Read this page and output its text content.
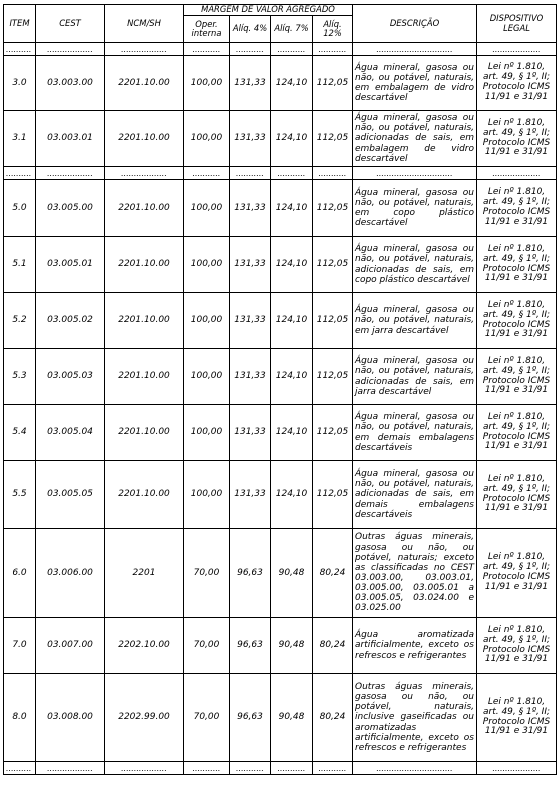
ITEM	CEST	NCM/SH	MARGEM DE VALOR AGREGADO				DESCRIÇÃO	DISPOSITIVO LEGAL
			Oper. interna	Alíq. 4%	Alíq. 7%	Alíq. 12%		
..........	..................	..................	...........	...........	...........	...........	..............................	...................
3.0	03.003.00	2201.10.00	100,00	131,33	124,10	112,05	Água mineral, gasosa ou não, ou potável, naturais, em embalagem de vidro descartável	Lei nº 1.810, art. 49, § 1º, II; Protocolo ICMS 11/91 e 31/91
3.1	03.003.01	2201.10.00	100,00	131,33	124,10	112,05	Água mineral, gasosa ou não, ou potável, naturais, adicionadas de sais, em embalagem de vidro descartável	Lei nº 1.810, art. 49, § 1º, II; Protocolo ICMS 11/91 e 31/91
..........	..................	..................	...........	...........	...........	...........	..............................	...................
5.0	03.005.00	2201.10.00	100,00	131,33	124,10	112,05	Água mineral, gasosa ou não, ou potável, naturais, em copo plástico descartável	Lei nº 1.810, art. 49, § 1º, II; Protocolo ICMS 11/91 e 31/91
5.1	03.005.01	2201.10.00	100,00	131,33	124,10	112,05	Água mineral, gasosa ou não, ou potável, naturais, adicionadas de sais, em copo plástico descartável	Lei nº 1.810, art. 49, § 1º, II; Protocolo ICMS 11/91 e 31/91
5.2	03.005.02	2201.10.00	100,00	131,33	124,10	112,05	Água mineral, gasosa ou não, ou potável, naturais, em jarra descartável	Lei nº 1.810, art. 49, § 1º, II; Protocolo ICMS 11/91 e 31/91
5.3	03.005.03	2201.10.00	100,00	131,33	124,10	112,05	Água mineral, gasosa ou não, ou potável, naturais, adicionadas de sais, em jarra descartável	Lei nº 1.810, art. 49, § 1º, II; Protocolo ICMS 11/91 e 31/91
5.4	03.005.04	2201.10.00	100,00	131,33	124,10	112,05	Água mineral, gasosa ou não, ou potável, naturais, em demais embalagens descartáveis	Lei nº 1.810, art. 49, § 1º, II; Protocolo ICMS 11/91 e 31/91
5.5	03.005.05	2201.10.00	100,00	131,33	124,10	112,05	Água mineral, gasosa ou não, ou potável, naturais, adicionadas de sais, em demais embalagens descartáveis	Lei nº 1.810, art. 49, § 1º, II; Protocolo ICMS 11/91 e 31/91
6.0	03.006.00	2201	70,00	96,63	90,48	80,24	Outras águas minerais, gasosa ou não, ou potável, naturais; exceto as classificadas no CEST 03.003.00, 03.003.01, 03.005.00, 03.005.01 a 03.005.05, 03.024.00 e 03.025.00	Lei nº 1.810, art. 49, § 1º, II; Protocolo ICMS 11/91 e 31/91
7.0	03.007.00	2202.10.00	70,00	96,63	90,48	80,24	Água aromatizada artificialmente, exceto os refrescos e refrigerantes	Lei nº 1.810, art. 49, § 1º, II; Protocolo ICMS 11/91 e 31/91
8.0	03.008.00	2202.99.00	70,00	96,63	90,48	80,24	Outras águas minerais, gasosa ou não, ou potável, naturais, inclusive gaseificadas ou aromatizadas artificialmente, exceto os refrescos e refrigerantes	Lei nº 1.810, art. 49, § 1º, II; Protocolo ICMS 11/91 e 31/91
..........	..................	..................	...........	...........	...........	...........	..............................	...................
